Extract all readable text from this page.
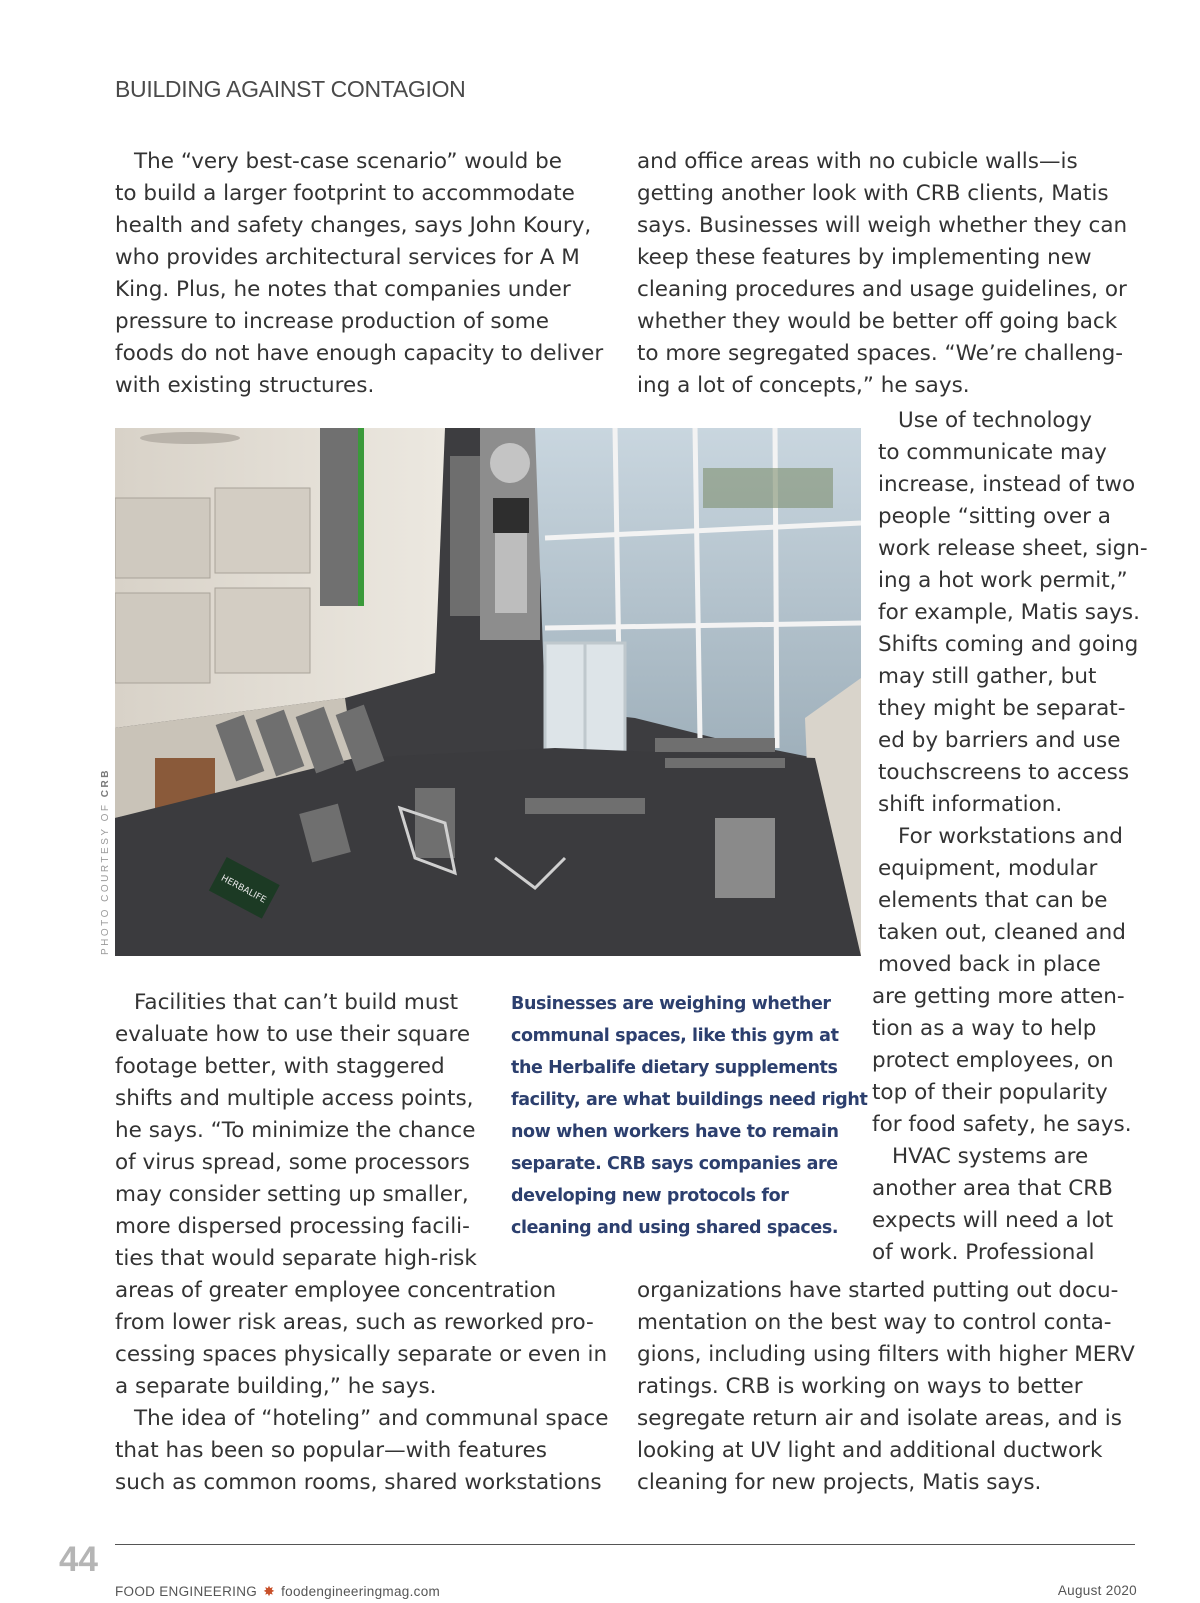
BUILDING AGAINST CONTAGION

The “very best-case scenario” would be
to build a larger footprint to accommodate
health and safety changes, says John Koury,
who provides architectural services for A M
King. Plus, he notes that companies under
pressure to increase production of some
foods do not have enough capacity to deliver
with existing structures.

and office areas with no cubicle walls—is
getting another look with CRB clients, Matis
says. Businesses will weigh whether they can
keep these features by implementing new
cleaning procedures and usage guidelines, or
whether they would be better off going back
to more segregated spaces. “We’re challeng-
ing a lot of concepts,” he says.

Use of technology
to communicate may
increase, instead of two
people “sitting over a
work release sheet, sign-
ing a hot work permit,”
for example, Matis says.
Shifts coming and going
may still gather, but
they might be separat-
ed by barriers and use
touchscreens to access
shift information.
For workstations and
equipment, modular
elements that can be
taken out, cleaned and
moved back in place
are getting more atten-
tion as a way to help
protect employees, on
top of their popularity
for food safety, he says.
HVAC systems are
another area that CRB
expects will need a lot
of work. Professional

HERBALIFE
PHOTO COURTESY OF CRB

Businesses are weighing whether
communal spaces, like this gym at
the Herbalife dietary supplements
facility, are what buildings need right
now when workers have to remain
separate. CRB says companies are
developing new protocols for
cleaning and using shared spaces.

Facilities that can’t build must
evaluate how to use their square
footage better, with staggered
shifts and multiple access points,
he says. “To minimize the chance
of virus spread, some processors
may consider setting up smaller,
more dispersed processing facili-
ties that would separate high-risk
areas of greater employee concentration
from lower risk areas, such as reworked pro-
cessing spaces physically separate or even in
a separate building,” he says.
The idea of “hoteling” and communal space
that has been so popular—with features
such as common rooms, shared workstations

organizations have started putting out docu-
mentation on the best way to control conta-
gions, including using filters with higher MERV
ratings. CRB is working on ways to better
segregate return air and isolate areas, and is
looking at UV light and additional ductwork
cleaning for new projects, Matis says.

44
FOOD ENGINEERING ✸ foodengineeringmag.com	August 2020
